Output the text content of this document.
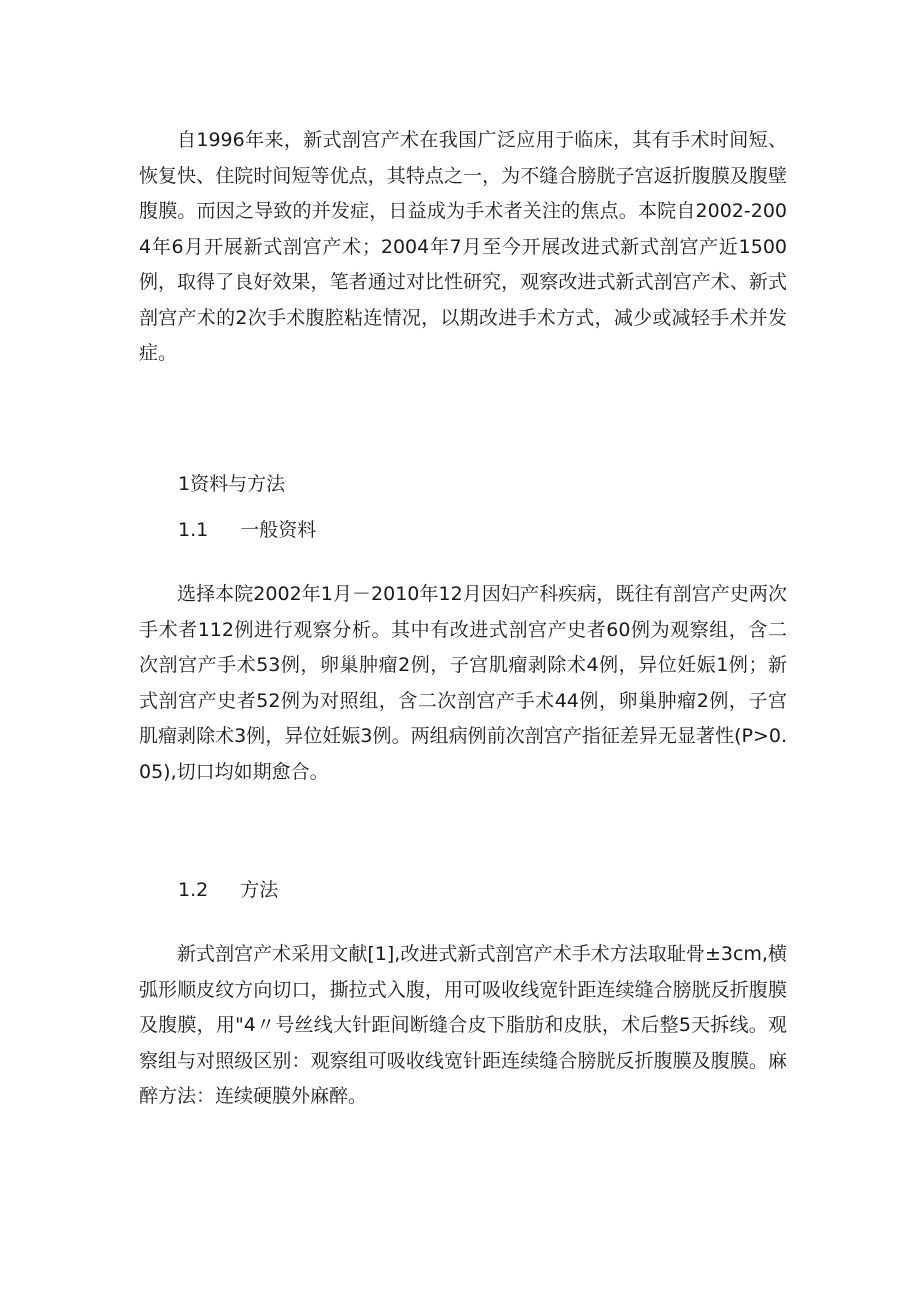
自1996年来，新式剖宫产术在我国广泛应用于临床，其有手术时间短、恢复快、住院时间短等优点，其特点之一，为不缝合膀胱子宫返折腹膜及腹壁腹膜。而因之导致的并发症，日益成为手术者关注的焦点。本院自2002-2004年6月开展新式剖宫产术；2004年7月至今开展改进式新式剖宫产近1500例，取得了良好效果，笔者通过对比性研究，观察改进式新式剖宫产术、新式剖宫产术的2次手术腹腔粘连情况，以期改进手术方式，减少或减轻手术并发症。

1资料与方法
1.1 一般资料

选择本院2002年1月－2010年12月因妇产科疾病，既往有剖宫产史两次手术者112例进行观察分析。其中有改进式剖宫产史者60例为观察组，含二次剖宫产手术53例，卵巢肿瘤2例，子宫肌瘤剥除术4例，异位妊娠1例；新式剖宫产史者52例为对照组，含二次剖宫产手术44例，卵巢肿瘤2例，子宫肌瘤剥除术3例，异位妊娠3例。两组病例前次剖宫产指征差异无显著性(P>0.05),切口均如期愈合。

1.2 方法

新式剖宫产术采用文献[1],改进式新式剖宫产术手术方法取耻骨±3cm,横弧形顺皮纹方向切口，撕拉式入腹，用可吸收线宽针距连续缝合膀胱反折腹膜及腹膜，用"4〃号丝线大针距间断缝合皮下脂肪和皮肤，术后整5天拆线。观察组与对照级区别：观察组可吸收线宽针距连续缝合膀胱反折腹膜及腹膜。麻醉方法：连续硬膜外麻醉。
